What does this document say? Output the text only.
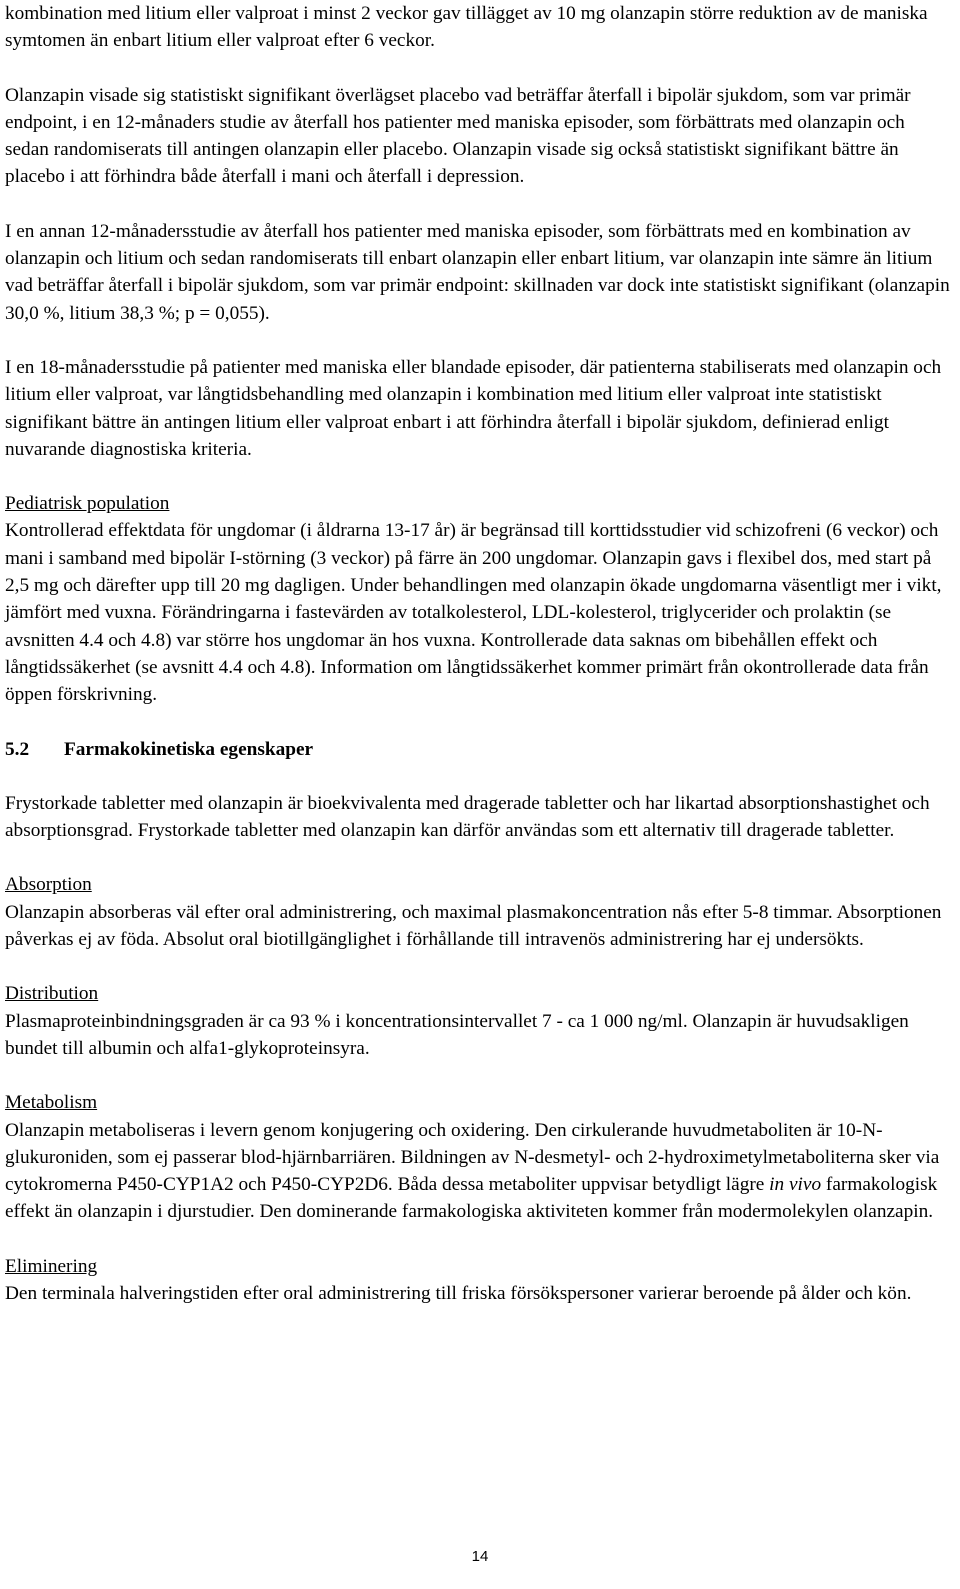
kombination med litium eller valproat i minst 2 veckor gav tillägget av 10 mg olanzapin större reduktion av de maniska symtomen än enbart litium eller valproat efter 6 veckor.

Olanzapin visade sig statistiskt signifikant överlägset placebo vad beträffar återfall i bipolär sjukdom, som var primär endpoint, i en 12-månaders studie av återfall hos patienter med maniska episoder, som förbättrats med olanzapin och sedan randomiserats till antingen olanzapin eller placebo. Olanzapin visade sig också statistiskt signifikant bättre än placebo i att förhindra både återfall i mani och återfall i depression.

I en annan 12-månadersstudie av återfall hos patienter med maniska episoder, som förbättrats med en kombination av olanzapin och litium och sedan randomiserats till enbart olanzapin eller enbart litium, var olanzapin inte sämre än litium vad beträffar återfall i bipolär sjukdom, som var primär endpoint: skillnaden var dock inte statistiskt signifikant (olanzapin 30,0 %, litium 38,3 %; p = 0,055).

I en 18-månadersstudie på patienter med maniska eller blandade episoder, där patienterna stabiliserats med olanzapin och litium eller valproat, var långtidsbehandling med olanzapin i kombination med litium eller valproat inte statistiskt signifikant bättre än antingen litium eller valproat enbart i att förhindra återfall i bipolär sjukdom, definierad enligt nuvarande diagnostiska kriteria.

Pediatrisk population

Kontrollerad effektdata för ungdomar (i åldrarna 13-17 år) är begränsad till korttidsstudier vid schizofreni (6 veckor) och mani i samband med bipolär I-störning (3 veckor) på färre än 200 ungdomar. Olanzapin gavs i flexibel dos, med start på 2,5 mg och därefter upp till 20 mg dagligen. Under behandlingen med olanzapin ökade ungdomarna väsentligt mer i vikt, jämfört med vuxna. Förändringarna i fastevärden av totalkolesterol, LDL-kolesterol, triglycerider och prolaktin (se avsnitten 4.4 och 4.8) var större hos ungdomar än hos vuxna. Kontrollerade data saknas om bibehållen effekt och långtidssäkerhet (se avsnitt 4.4 och 4.8). Information om långtidssäkerhet kommer primärt från okontrollerade data från öppen förskrivning.

5.2	Farmakokinetiska egenskaper

Frystorkade tabletter med olanzapin är bioekvivalenta med dragerade tabletter och har likartad absorptionshastighet och absorptionsgrad. Frystorkade tabletter med olanzapin kan därför användas som ett alternativ till dragerade tabletter.

Absorption

Olanzapin absorberas väl efter oral administrering, och maximal plasmakoncentration nås efter 5-8 timmar. Absorptionen påverkas ej av föda. Absolut oral biotillgänglighet i förhållande till intravenös administrering har ej undersökts.

Distribution

Plasmaproteinbindningsgraden är ca 93 % i koncentrationsintervallet 7 - ca 1 000 ng/ml. Olanzapin är huvudsakligen bundet till albumin och alfa1-glykoproteinsyra.

Metabolism

Olanzapin metaboliseras i levern genom konjugering och oxidering. Den cirkulerande huvudmetaboliten är 10-N-glukuroniden, som ej passerar blod-hjärnbarriären. Bildningen av N-desmetyl- och 2-hydroximetylmetaboliterna sker via cytokromerna P450-CYP1A2 och P450-CYP2D6. Båda dessa metaboliter uppvisar betydligt lägre in vivo farmakologisk effekt än olanzapin i djurstudier. Den dominerande farmakologiska aktiviteten kommer från modermolekylen olanzapin.

Eliminering

Den terminala halveringstiden efter oral administrering till friska försökspersoner varierar beroende på ålder och kön.

14
